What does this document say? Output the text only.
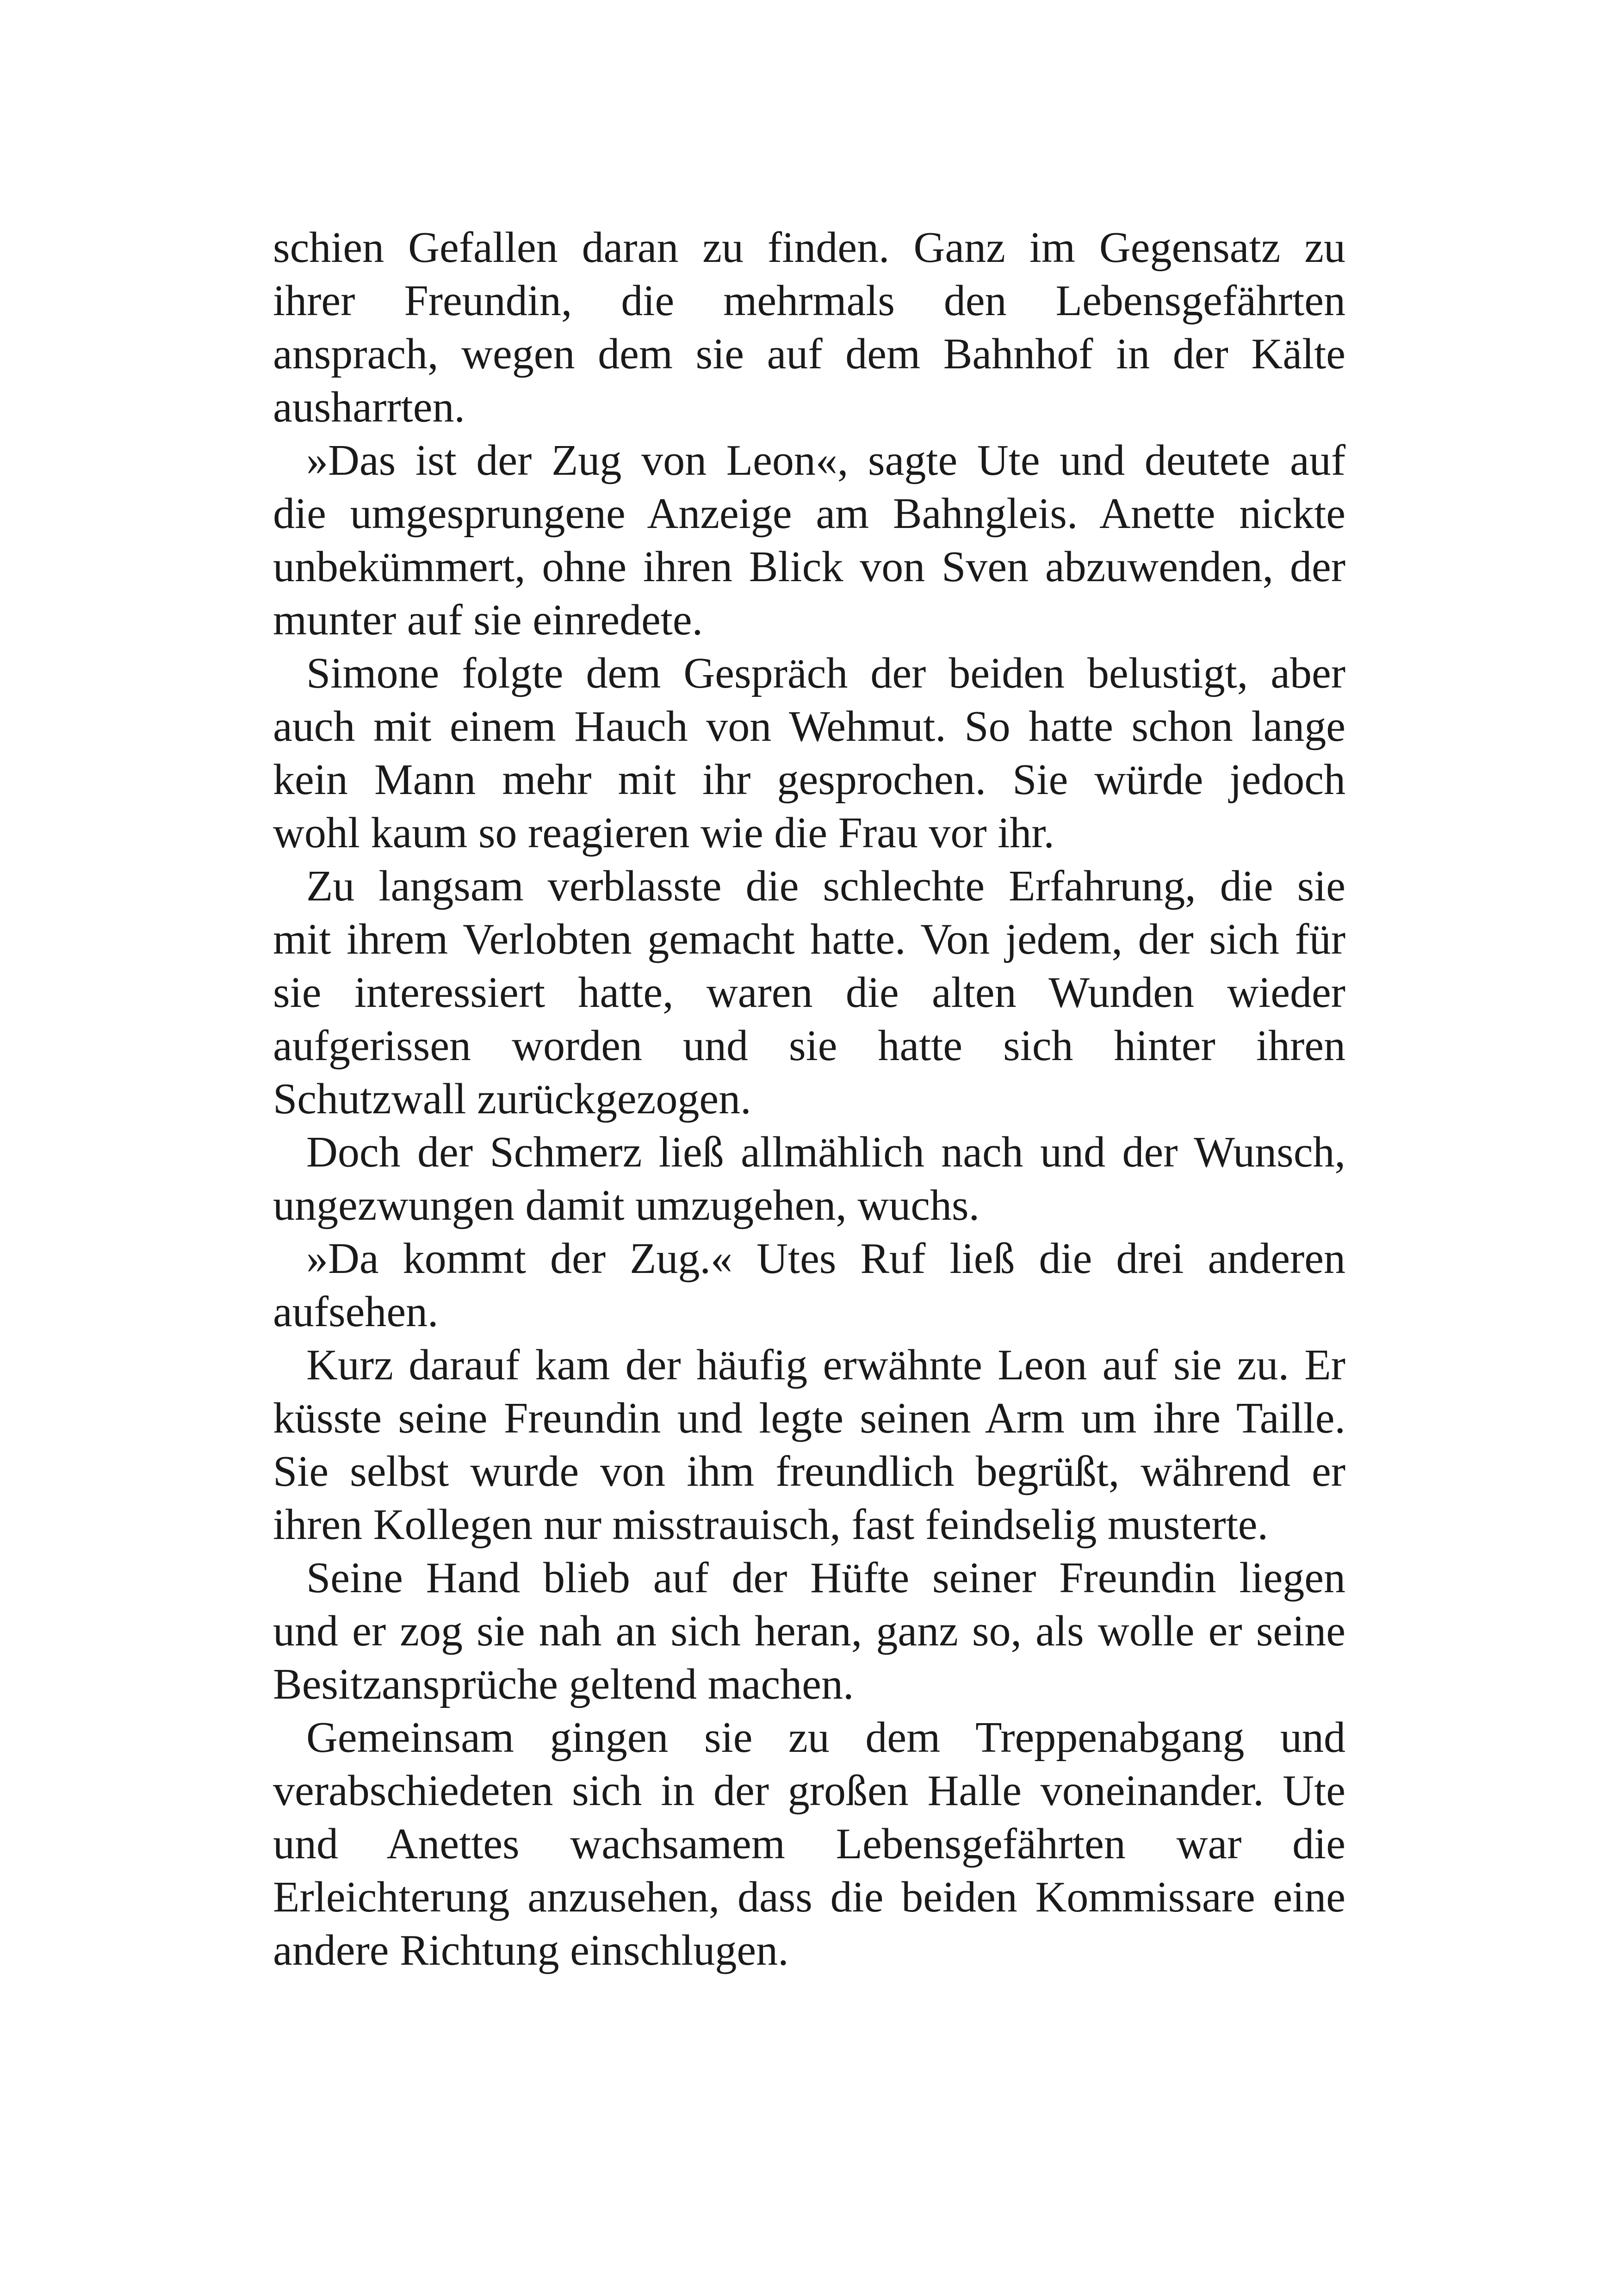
schien Gefallen daran zu finden. Ganz im Gegensatz zu
ihrer Freundin, die mehrmals den Lebensgefährten
ansprach, wegen dem sie auf dem Bahnhof in der Kälte
ausharrten.

»Das ist der Zug von Leon«, sagte Ute und deutete auf
die umgesprungene Anzeige am Bahngleis. Anette nickte
unbekümmert, ohne ihren Blick von Sven abzuwenden, der
munter auf sie einredete.

Simone folgte dem Gespräch der beiden belustigt, aber
auch mit einem Hauch von Wehmut. So hatte schon lange
kein Mann mehr mit ihr gesprochen. Sie würde jedoch
wohl kaum so reagieren wie die Frau vor ihr.

Zu langsam verblasste die schlechte Erfahrung, die sie
mit ihrem Verlobten gemacht hatte. Von jedem, der sich für
sie interessiert hatte, waren die alten Wunden wieder
aufgerissen worden und sie hatte sich hinter ihren
Schutzwall zurückgezogen.

Doch der Schmerz ließ allmählich nach und der Wunsch,
ungezwungen damit umzugehen, wuchs.

»Da kommt der Zug.« Utes Ruf ließ die drei anderen
aufsehen.

Kurz darauf kam der häufig erwähnte Leon auf sie zu. Er
küsste seine Freundin und legte seinen Arm um ihre Taille.
Sie selbst wurde von ihm freundlich begrüßt, während er
ihren Kollegen nur misstrauisch, fast feindselig musterte.

Seine Hand blieb auf der Hüfte seiner Freundin liegen
und er zog sie nah an sich heran, ganz so, als wolle er seine
Besitzansprüche geltend machen.

Gemeinsam gingen sie zu dem Treppenabgang und
verabschiedeten sich in der großen Halle voneinander. Ute
und Anettes wachsamem Lebensgefährten war die
Erleichterung anzusehen, dass die beiden Kommissare eine
andere Richtung einschlugen.
